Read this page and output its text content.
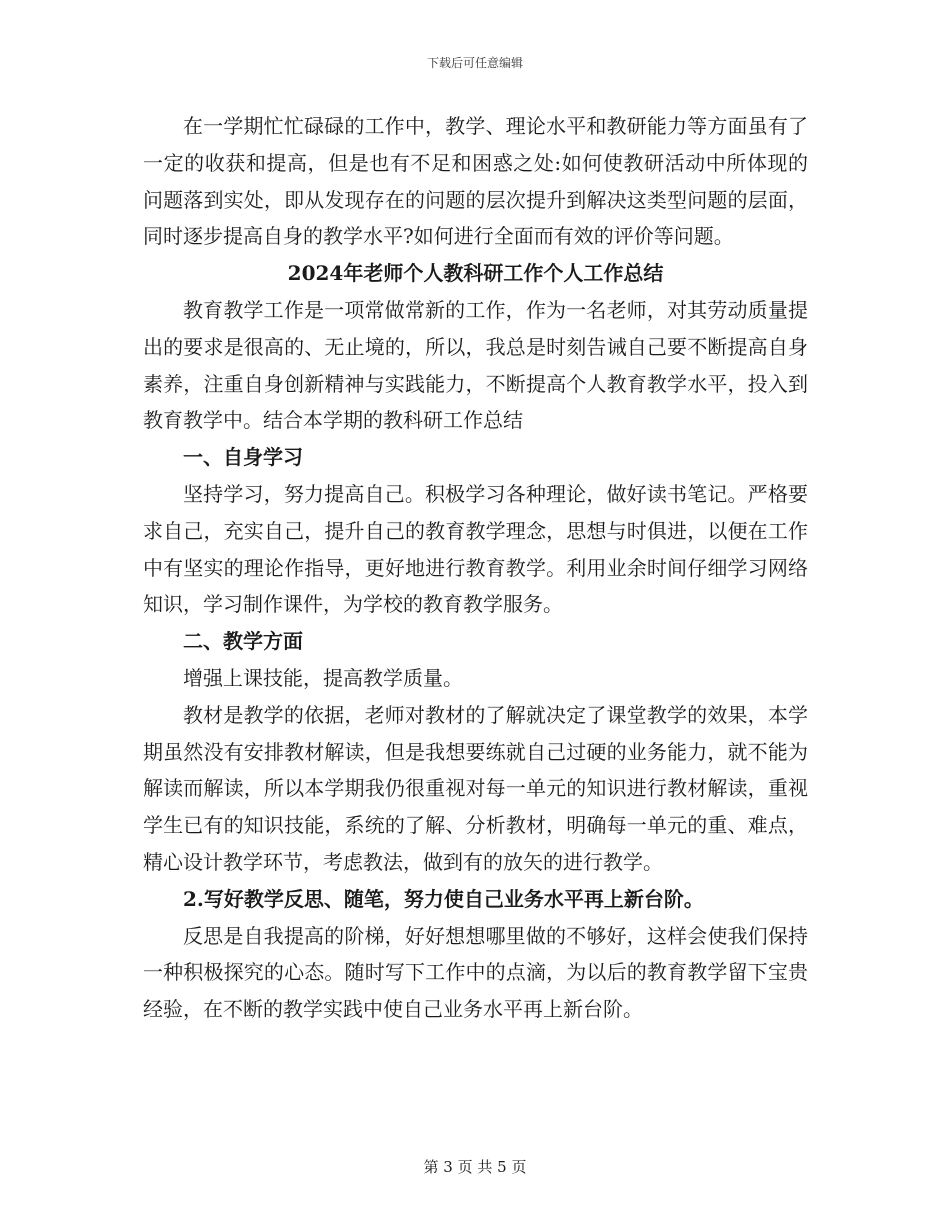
下载后可任意编辑

在一学期忙忙碌碌的工作中，教学、理论水平和教研能力等方面虽有了一定的收获和提高，但是也有不足和困惑之处:如何使教研活动中所体现的问题落到实处，即从发现存在的问题的层次提升到解决这类型问题的层面，同时逐步提高自身的教学水平?如何进行全面而有效的评价等问题。

2024年老师个人教科研工作个人工作总结

教育教学工作是一项常做常新的工作，作为一名老师，对其劳动质量提出的要求是很高的、无止境的，所以，我总是时刻告诫自己要不断提高自身素养，注重自身创新精神与实践能力，不断提高个人教育教学水平，投入到教育教学中。结合本学期的教科研工作总结

一、自身学习

坚持学习，努力提高自己。积极学习各种理论，做好读书笔记。严格要求自己，充实自己，提升自己的教育教学理念，思想与时俱进，以便在工作中有坚实的理论作指导，更好地进行教育教学。利用业余时间仔细学习网络知识，学习制作课件，为学校的教育教学服务。

二、教学方面

增强上课技能，提高教学质量。

教材是教学的依据，老师对教材的了解就决定了课堂教学的效果，本学期虽然没有安排教材解读，但是我想要练就自己过硬的业务能力，就不能为解读而解读，所以本学期我仍很重视对每一单元的知识进行教材解读，重视学生已有的知识技能，系统的了解、分析教材，明确每一单元的重、难点，精心设计教学环节，考虑教法，做到有的放矢的进行教学。

2.写好教学反思、随笔，努力使自己业务水平再上新台阶。

反思是自我提高的阶梯，好好想想哪里做的不够好，这样会使我们保持一种积极探究的心态。随时写下工作中的点滴，为以后的教育教学留下宝贵经验，在不断的教学实践中使自己业务水平再上新台阶。

第 3 页 共 5 页
